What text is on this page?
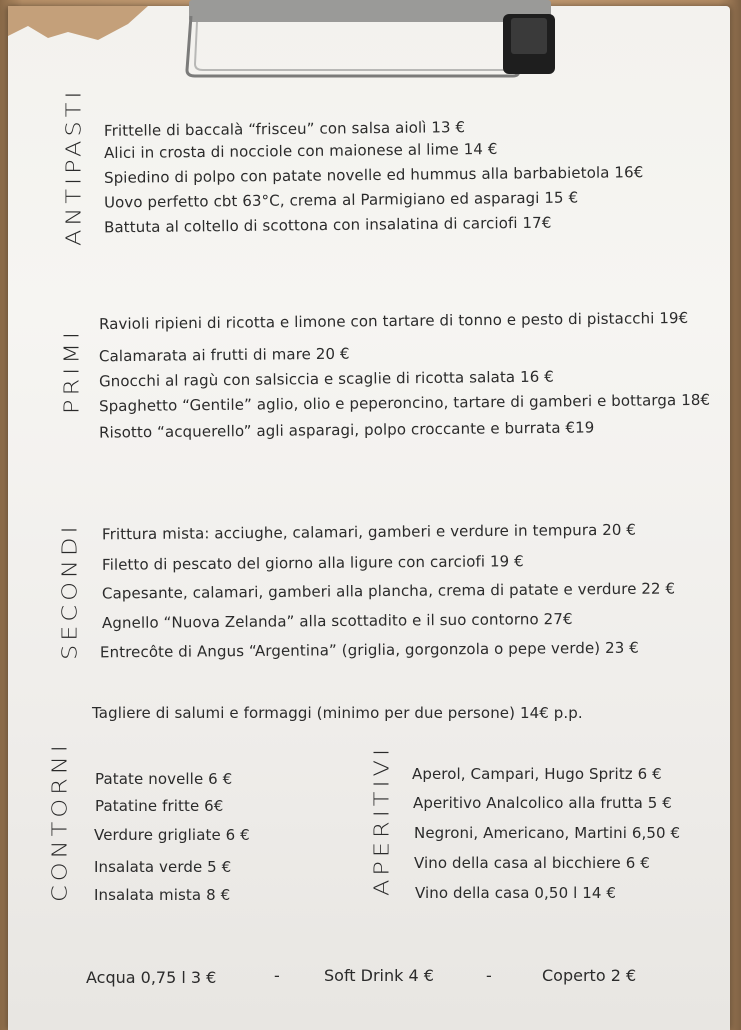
ANTIPASTI Frittelle di baccalà “frisceu” con salsa aiolì 13 €
Alici in crosta di nocciole con maionese al lime 14 €
Spiedino di polpo con patate novelle ed hummus alla barbabietola 16€
Uovo perfetto cbt 63°C, crema al Parmigiano ed asparagi 15 €
Battuta al coltello di scottona con insalatina di carciofi 17€
PRIMI
Ravioli ripieni di ricotta e limone con tartare di tonno e pesto di pistacchi 19€
Calamarata ai frutti di mare 20 €
Gnocchi al ragù con salsiccia e scaglie di ricotta salata 16 €
Spaghetto “Gentile” aglio, olio e peperoncino, tartare di gamberi e bottarga 18€
Risotto “acquerello” agli asparagi, polpo croccante e burrata €19
SECONDI Frittura mista: acciughe, calamari, gamberi e verdure in tempura 20 €
Filetto di pescato del giorno alla ligure con carciofi 19 €
Capesante, calamari, gamberi alla plancha, crema di patate e verdure 22 €
Agnello “Nuova Zelanda” alla scottadito e il suo contorno 27€
Entrecôte di Angus “Argentina” (griglia, gorgonzola o pepe verde) 23 €
Tagliere di salumi e formaggi (minimo per due persone) 14€ p.p.
CONTORNI Patate novelle 6 €
Patatine fritte 6€
Verdure grigliate 6 €
Insalata verde 5 €
Insalata mista 8 €	APERITIVI Aperol, Campari, Hugo Spritz 6 €
Aperitivo Analcolico alla frutta 5 €
Negroni, Americano, Martini 6,50 €
Vino della casa al bicchiere 6 €
Vino della casa 0,50 l 14 €
Acqua 0,75 l 3 €	-	Soft Drink 4 €	-	Coperto 2 €
